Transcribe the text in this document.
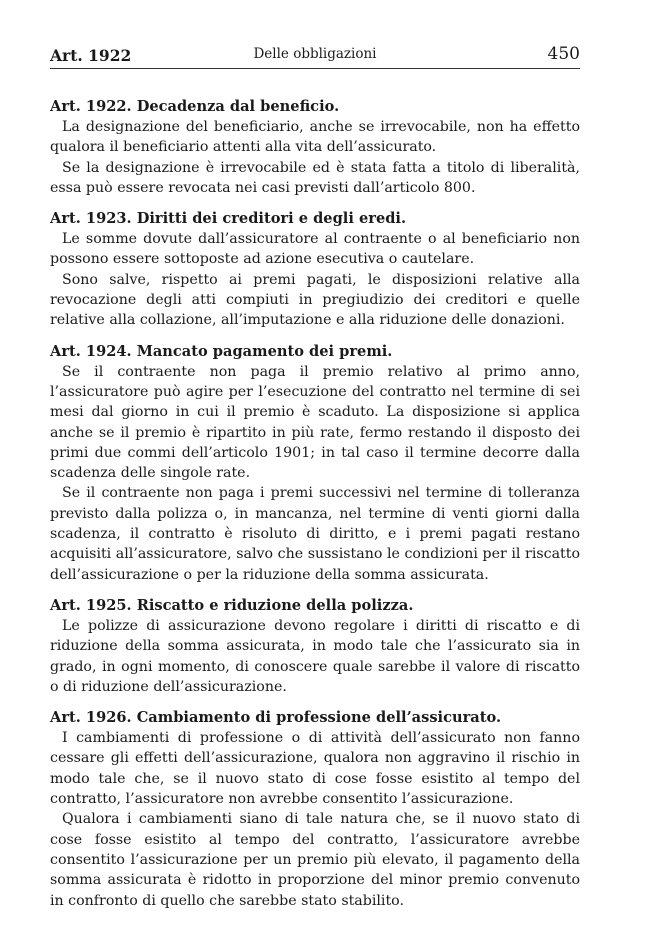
Art. 1922	Delle obbligazioni	450

Art. 1922. Decadenza dal beneficio.

La designazione del beneficiario, anche se irrevocabile, non ha effetto qualora il beneficiario attenti alla vita dell’assicurato.

Se la designazione è irrevocabile ed è stata fatta a titolo di liberalità, essa può essere revocata nei casi previsti dall’articolo 800.

Art. 1923. Diritti dei creditori e degli eredi.

Le somme dovute dall’assicuratore al contraente o al beneficiario non possono essere sottoposte ad azione esecutiva o cautelare.

Sono salve, rispetto ai premi pagati, le disposizioni relative alla revocazione degli atti compiuti in pregiudizio dei creditori e quelle relative alla collazione, all’imputazione e alla riduzione delle donazioni.

Art. 1924. Mancato pagamento dei premi.

Se il contraente non paga il premio relativo al primo anno, l’assicuratore può agire per l’esecuzione del contratto nel termine di sei mesi dal giorno in cui il premio è scaduto. La disposizione si applica anche se il premio è ripartito in più rate, fermo restando il disposto dei primi due commi dell’articolo 1901; in tal caso il termine decorre dalla scadenza delle singole rate.

Se il contraente non paga i premi successivi nel termine di tolleranza previsto dalla polizza o, in mancanza, nel termine di venti giorni dalla scadenza, il contratto è risoluto di diritto, e i premi pagati restano acquisiti all’assicuratore, salvo che sussistano le condizioni per il riscatto dell’assicurazione o per la riduzione della somma assicurata.

Art. 1925. Riscatto e riduzione della polizza.

Le polizze di assicurazione devono regolare i diritti di riscatto e di riduzione della somma assicurata, in modo tale che l’assicurato sia in grado, in ogni momento, di conoscere quale sarebbe il valore di riscatto o di riduzione dell’assicurazione.

Art. 1926. Cambiamento di professione dell’assicurato.

I cambiamenti di professione o di attività dell’assicurato non fanno cessare gli effetti dell’assicurazione, qualora non aggravino il rischio in modo tale che, se il nuovo stato di cose fosse esistito al tempo del contratto, l’assicuratore non avrebbe consentito l’assicurazione.

Qualora i cambiamenti siano di tale natura che, se il nuovo stato di cose fosse esistito al tempo del contratto, l’assicuratore avrebbe consentito l’assicurazione per un premio più elevato, il pagamento della somma assicurata è ridotto in proporzione del minor premio convenuto in confronto di quello che sarebbe stato stabilito.
